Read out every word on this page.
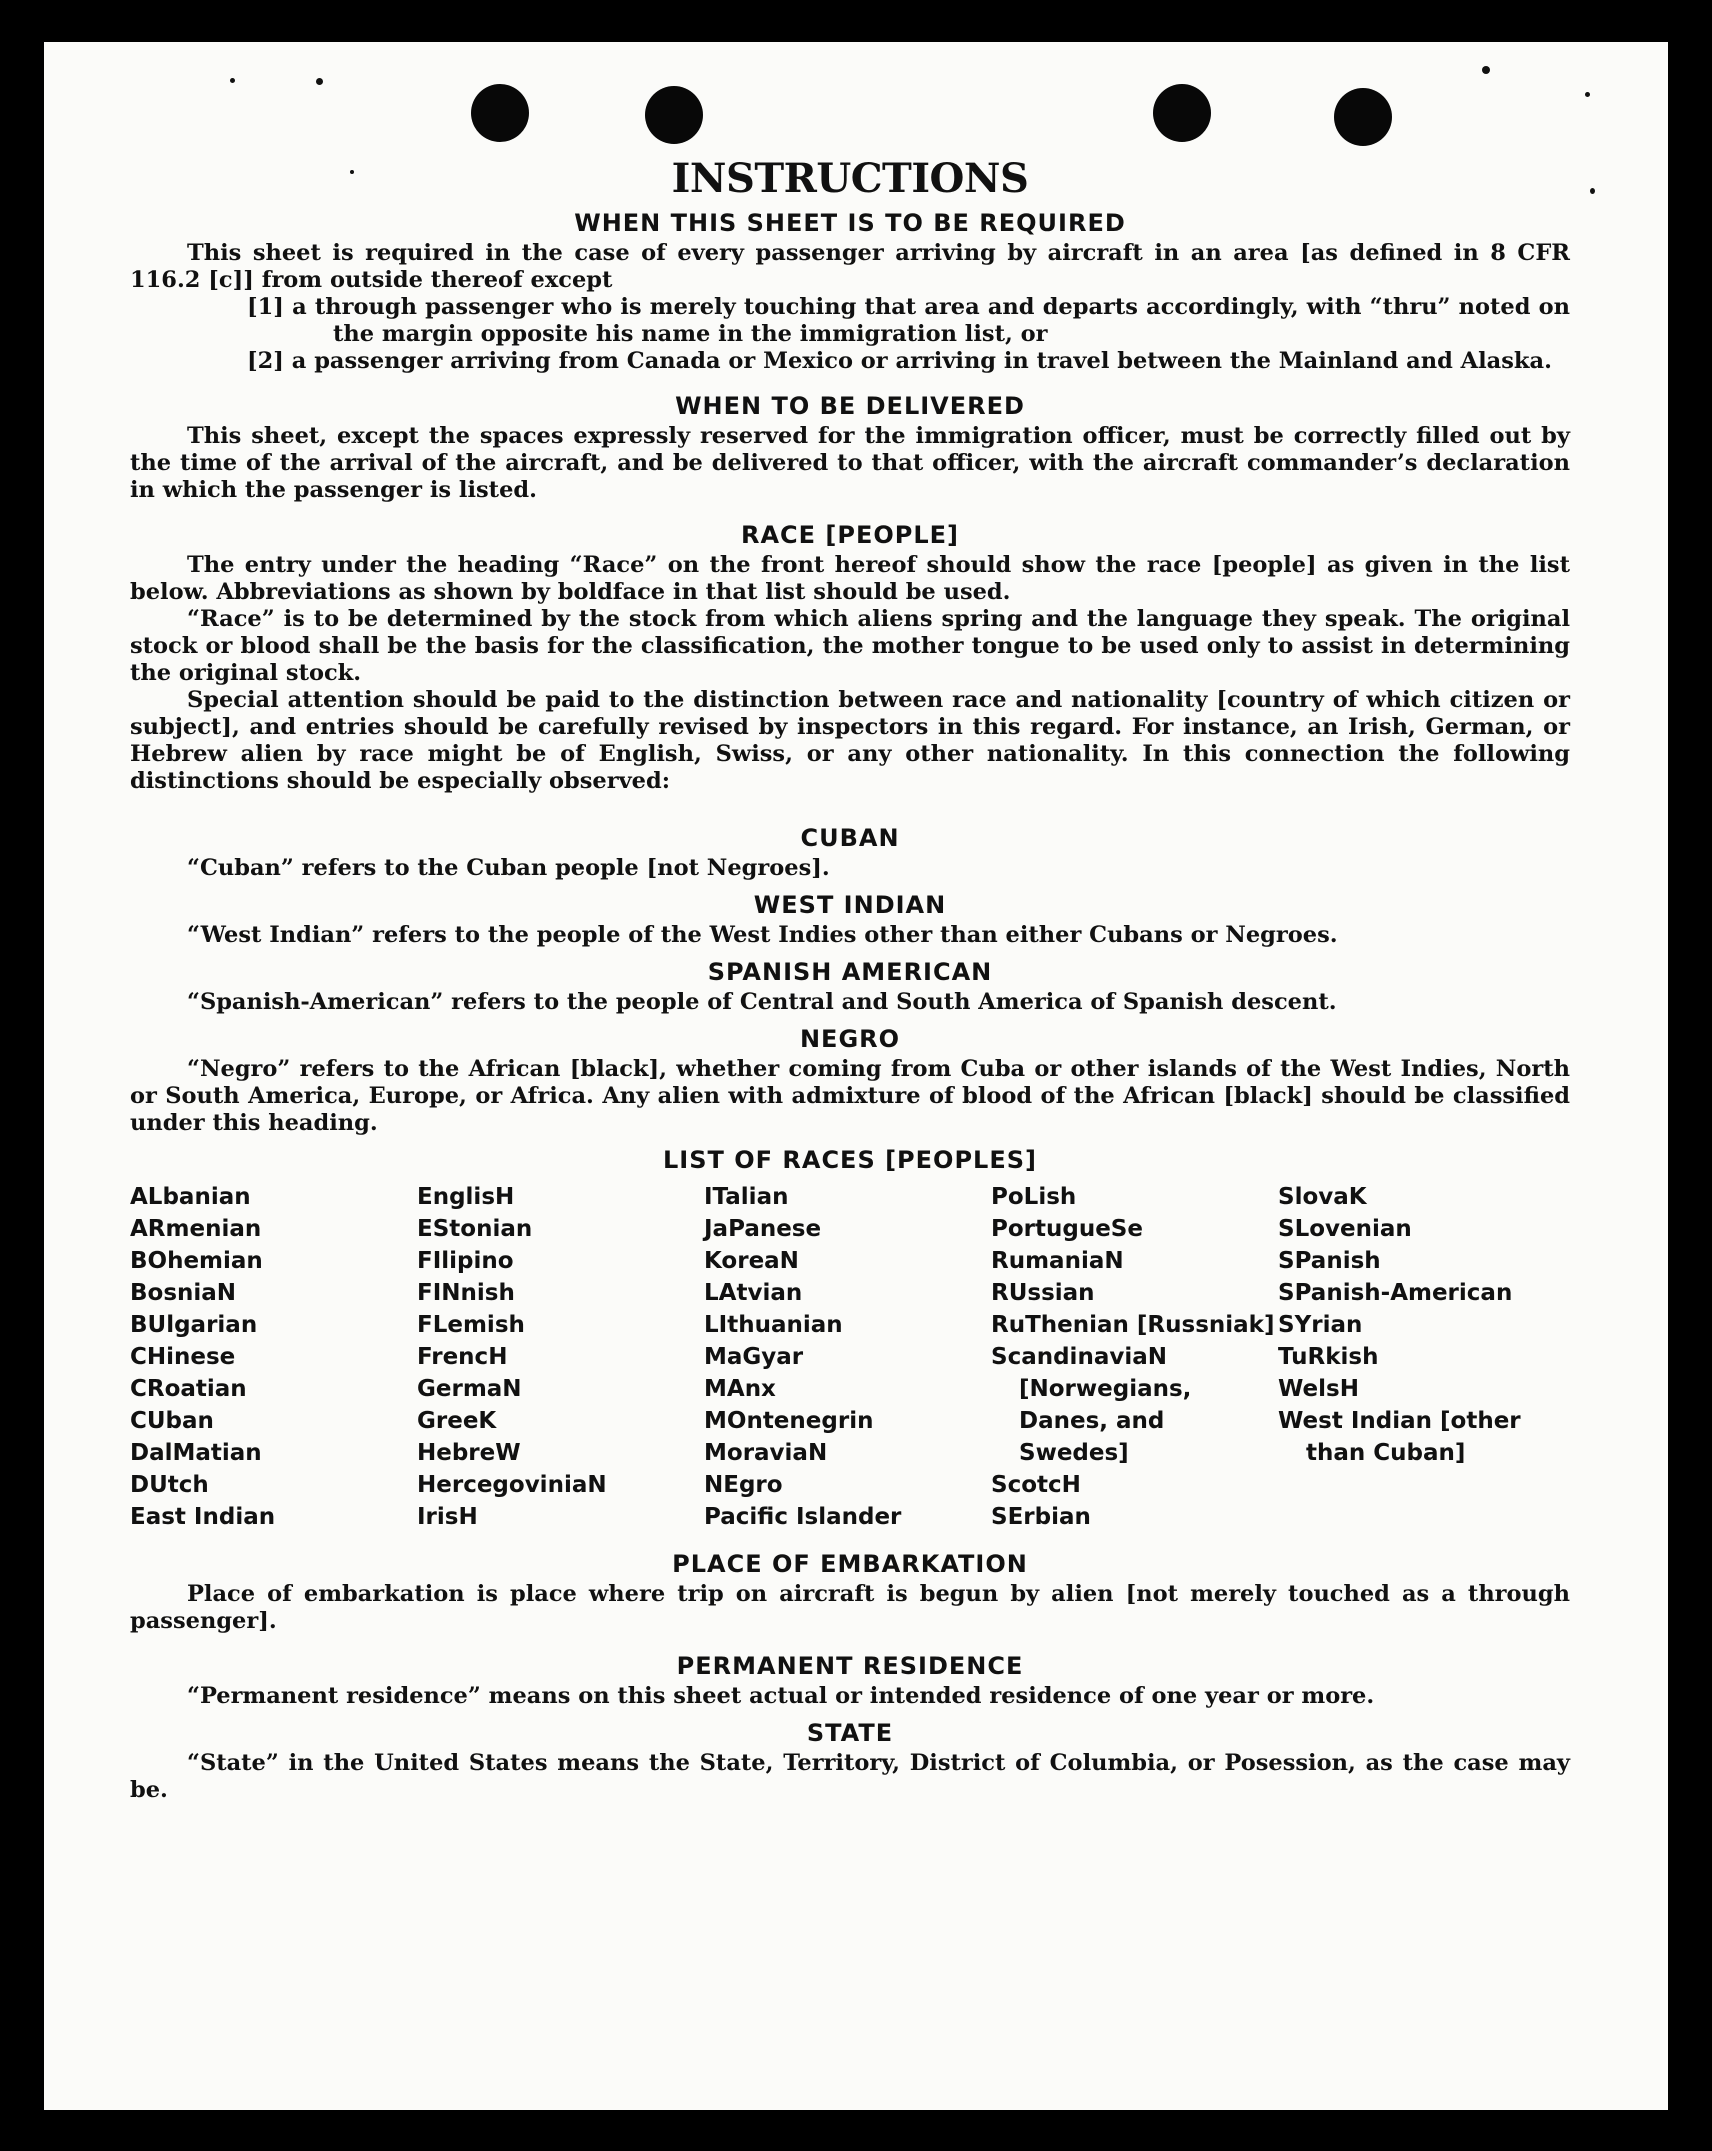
INSTRUCTIONS
WHEN THIS SHEET IS TO BE REQUIRED

This sheet is required in the case of every passenger arriving by aircraft in an area [as defined in 8 CFR 116.2 [c]] from outside thereof except

[1] a through passenger who is merely touching that area and departs accordingly, with “thru” noted on the margin opposite his name in the immigration list, or

[2] a passenger arriving from Canada or Mexico or arriving in travel between the Mainland and Alaska.

WHEN TO BE DELIVERED

This sheet, except the spaces expressly reserved for the immigration officer, must be correctly filled out by the time of the arrival of the aircraft, and be delivered to that officer, with the aircraft commander’s declaration in which the passenger is listed.

RACE [PEOPLE]

The entry under the heading “Race” on the front hereof should show the race [people] as given in the list below. Abbreviations as shown by boldface in that list should be used.

“Race” is to be determined by the stock from which aliens spring and the language they speak. The original stock or blood shall be the basis for the classification, the mother tongue to be used only to assist in determining the original stock.

Special attention should be paid to the distinction between race and nationality [country of which citizen or subject], and entries should be carefully revised by inspectors in this regard. For instance, an Irish, German, or Hebrew alien by race might be of English, Swiss, or any other nationality. In this connection the following distinctions should be especially observed:

CUBAN

“Cuban” refers to the Cuban people [not Negroes].

WEST INDIAN

“West Indian” refers to the people of the West Indies other than either Cubans or Negroes.

SPANISH AMERICAN

“Spanish-American” refers to the people of Central and South America of Spanish descent.

NEGRO

“Negro” refers to the African [black], whether coming from Cuba or other islands of the West Indies, North or South America, Europe, or Africa. Any alien with admixture of blood of the African [black] should be classified under this heading.

LIST OF RACES [PEOPLES]
ALbanian
ARmenian
BOhemian
BosniaN
BUlgarian
CHinese
CRoatian
CUban
DalMatian
DUtch
East Indian
EnglisH
EStonian
FIlipino
FINnish
FLemish
FrencH
GermaN
GreeK
HebreW
HercegoviniaN
IrisH
ITalian
JaPanese
KoreaN
LAtvian
LIthuanian
MaGyar
MAnx
MOntenegrin
MoraviaN
NEgro
Pacific Islander
PoLish
PortugueSe
RumaniaN
RUssian
RuThenian [Russniak]
ScandinaviaN [Norwegians, Danes, and Swedes]
ScotcH
SErbian
SlovaK
SLovenian
SPanish
SPanish-American
SYrian
TuRkish
WelsH
West Indian [other than Cuban]
PLACE OF EMBARKATION

Place of embarkation is place where trip on aircraft is begun by alien [not merely touched as a through passenger].

PERMANENT RESIDENCE

“Permanent residence” means on this sheet actual or intended residence of one year or more.

STATE

“State” in the United States means the State, Territory, District of Columbia, or Posession, as the case may be.
